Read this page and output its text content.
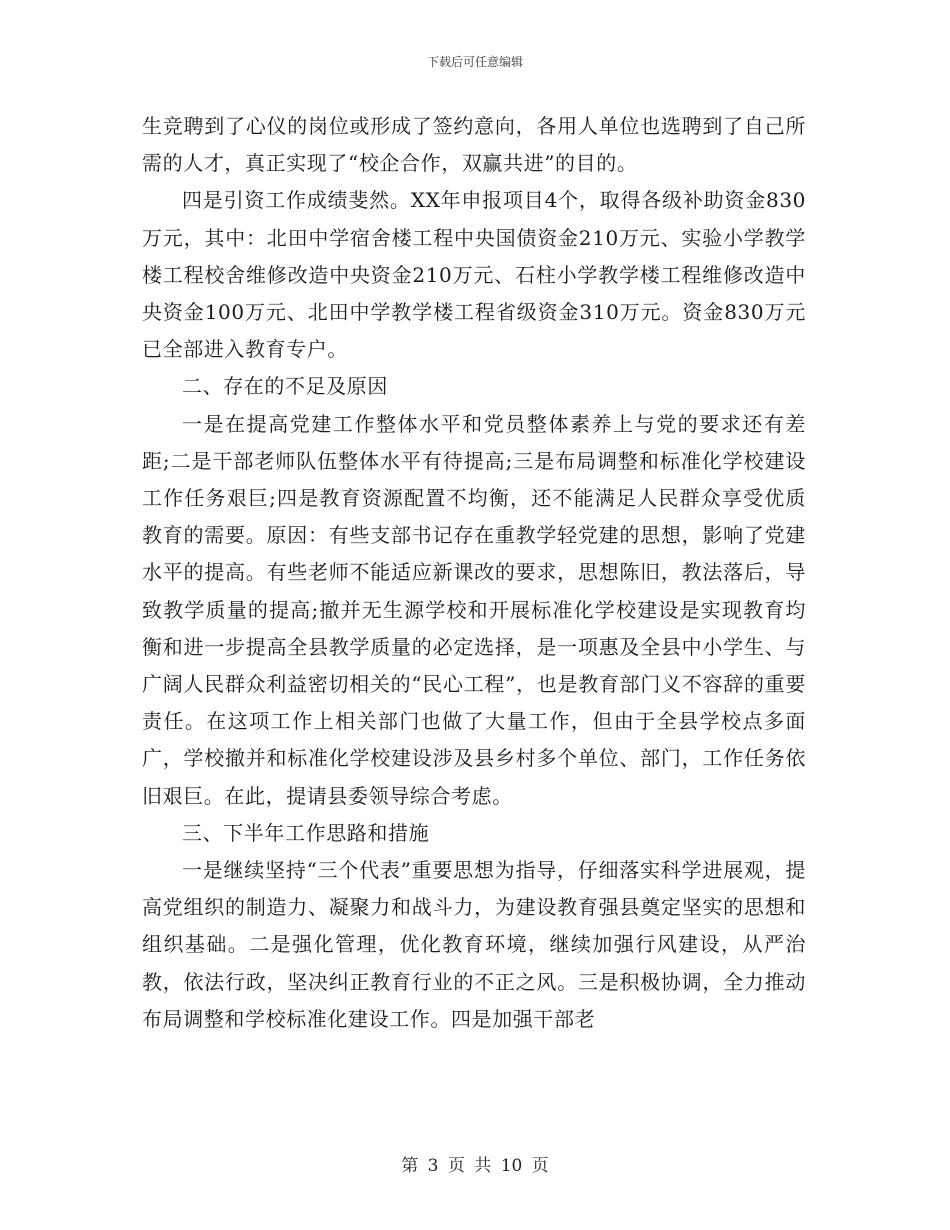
下载后可任意编辑

生竞聘到了心仪的岗位或形成了签约意向，各用人单位也选聘到了自己所需的人才，真正实现了“校企合作，双赢共进”的目的。

四是引资工作成绩斐然。XX年申报项目4个，取得各级补助资金830万元，其中：北田中学宿舍楼工程中央国债资金210万元、实验小学教学楼工程校舍维修改造中央资金210万元、石柱小学教学楼工程维修改造中央资金100万元、北田中学教学楼工程省级资金310万元。资金830万元已全部进入教育专户。

二、存在的不足及原因

一是在提高党建工作整体水平和党员整体素养上与党的要求还有差距;二是干部老师队伍整体水平有待提高;三是布局调整和标准化学校建设工作任务艰巨;四是教育资源配置不均衡，还不能满足人民群众享受优质教育的需要。原因：有些支部书记存在重教学轻党建的思想，影响了党建水平的提高。有些老师不能适应新课改的要求，思想陈旧，教法落后，导致教学质量的提高;撤并无生源学校和开展标准化学校建设是实现教育均衡和进一步提高全县教学质量的必定选择，是一项惠及全县中小学生、与广阔人民群众利益密切相关的“民心工程”，也是教育部门义不容辞的重要责任。在这项工作上相关部门也做了大量工作，但由于全县学校点多面广，学校撤并和标准化学校建设涉及县乡村多个单位、部门，工作任务依旧艰巨。在此，提请县委领导综合考虑。

三、下半年工作思路和措施

一是继续坚持“三个代表”重要思想为指导，仔细落实科学进展观，提高党组织的制造力、凝聚力和战斗力，为建设教育强县奠定坚实的思想和组织基础。二是强化管理，优化教育环境，继续加强行风建设，从严治教，依法行政，坚决纠正教育行业的不正之风。三是积极协调，全力推动布局调整和学校标准化建设工作。四是加强干部老

第 3 页 共 10 页
